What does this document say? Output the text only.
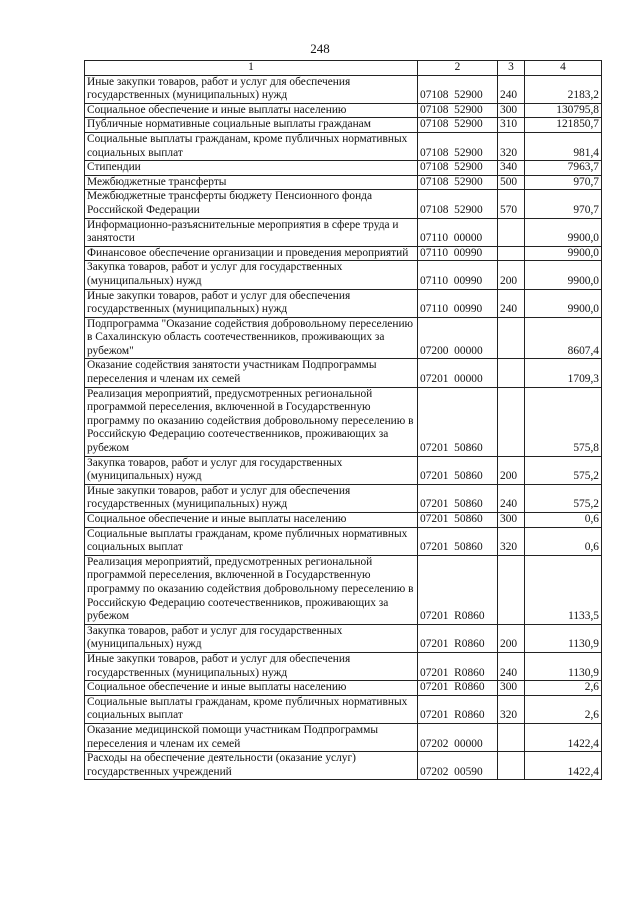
248
1	2	3	4
Иные закупки товаров, работ и услуг для обеспечения государственных (муниципальных) нужд	07108  52900	240	2183,2
Социальное обеспечение и иные выплаты населению	07108  52900	300	130795,8
Публичные нормативные социальные выплаты гражданам	07108  52900	310	121850,7
Социальные выплаты гражданам, кроме публичных нормативных социальных выплат	07108  52900	320	981,4
Стипендии	07108  52900	340	7963,7
Межбюджетные трансферты	07108  52900	500	970,7
Межбюджетные трансферты бюджету Пенсионного фонда Российской Федерации	07108  52900	570	970,7
Информационно-разъяснительные мероприятия в сфере труда и занятости	07110  00000		9900,0
Финансовое обеспечение организации и проведения мероприятий	07110  00990		9900,0
Закупка товаров, работ и услуг для государственных (муниципальных) нужд	07110  00990	200	9900,0
Иные закупки товаров, работ и услуг для обеспечения государственных (муниципальных) нужд	07110  00990	240	9900,0
Подпрограмма "Оказание содействия добровольному переселению в Сахалинскую область соотечественников, проживающих за рубежом"	07200  00000		8607,4
Оказание содействия занятости участникам Подпрограммы переселения и членам их семей	07201  00000		1709,3
Реализация мероприятий, предусмотренных региональной программой переселения, включенной в Государственную программу по оказанию содействия добровольному переселению в Российскую Федерацию соотечественников, проживающих за рубежом	07201  50860		575,8
Закупка товаров, работ и услуг для государственных (муниципальных) нужд	07201  50860	200	575,2
Иные закупки товаров, работ и услуг для обеспечения государственных (муниципальных) нужд	07201  50860	240	575,2
Социальное обеспечение и иные выплаты населению	07201  50860	300	0,6
Социальные выплаты гражданам, кроме публичных нормативных социальных выплат	07201  50860	320	0,6
Реализация мероприятий, предусмотренных региональной программой переселения, включенной в Государственную программу по оказанию содействия добровольному переселению в Российскую Федерацию соотечественников, проживающих за рубежом	07201  R0860		1133,5
Закупка товаров, работ и услуг для государственных (муниципальных) нужд	07201  R0860	200	1130,9
Иные закупки товаров, работ и услуг для обеспечения государственных (муниципальных) нужд	07201  R0860	240	1130,9
Социальное обеспечение и иные выплаты населению	07201  R0860	300	2,6
Социальные выплаты гражданам, кроме публичных нормативных социальных выплат	07201  R0860	320	2,6
Оказание медицинской помощи участникам Подпрограммы переселения и членам их семей	07202  00000		1422,4
Расходы на обеспечение деятельности (оказание услуг) государственных учреждений	07202  00590		1422,4
